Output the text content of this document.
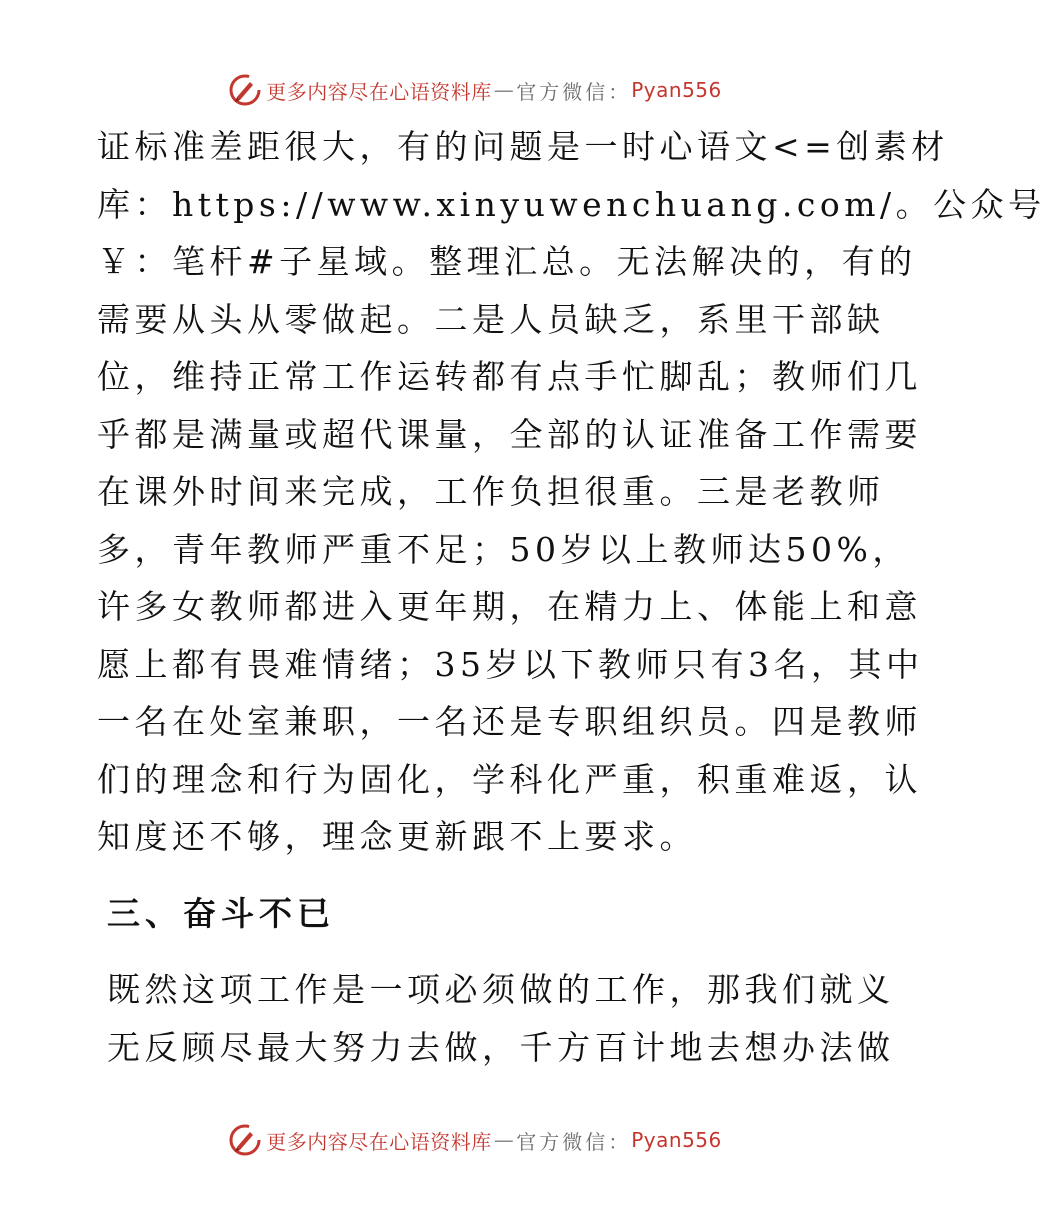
更多内容尽在心语资料库 — 官方微信： Pyan556

证标准差距很大，有的问题是一时心语文<=创素材
库：https://www.xinyuwenchuang.com/。公众号
￥：笔杆#子星域。整理汇总。无法解决的，有的
需要从头从零做起。二是人员缺乏，系里干部缺
位，维持正常工作运转都有点手忙脚乱；教师们几
乎都是满量或超代课量，全部的认证准备工作需要
在课外时间来完成，工作负担很重。三是老教师
多，青年教师严重不足；50岁以上教师达50%，
许多女教师都进入更年期，在精力上、体能上和意
愿上都有畏难情绪；35岁以下教师只有3名，其中
一名在处室兼职，一名还是专职组织员。四是教师
们的理念和行为固化，学科化严重，积重难返，认
知度还不够，理念更新跟不上要求。

三、奋斗不已

既然这项工作是一项必须做的工作，那我们就义
无反顾尽最大努力去做，千方百计地去想办法做

更多内容尽在心语资料库 — 官方微信： Pyan556
